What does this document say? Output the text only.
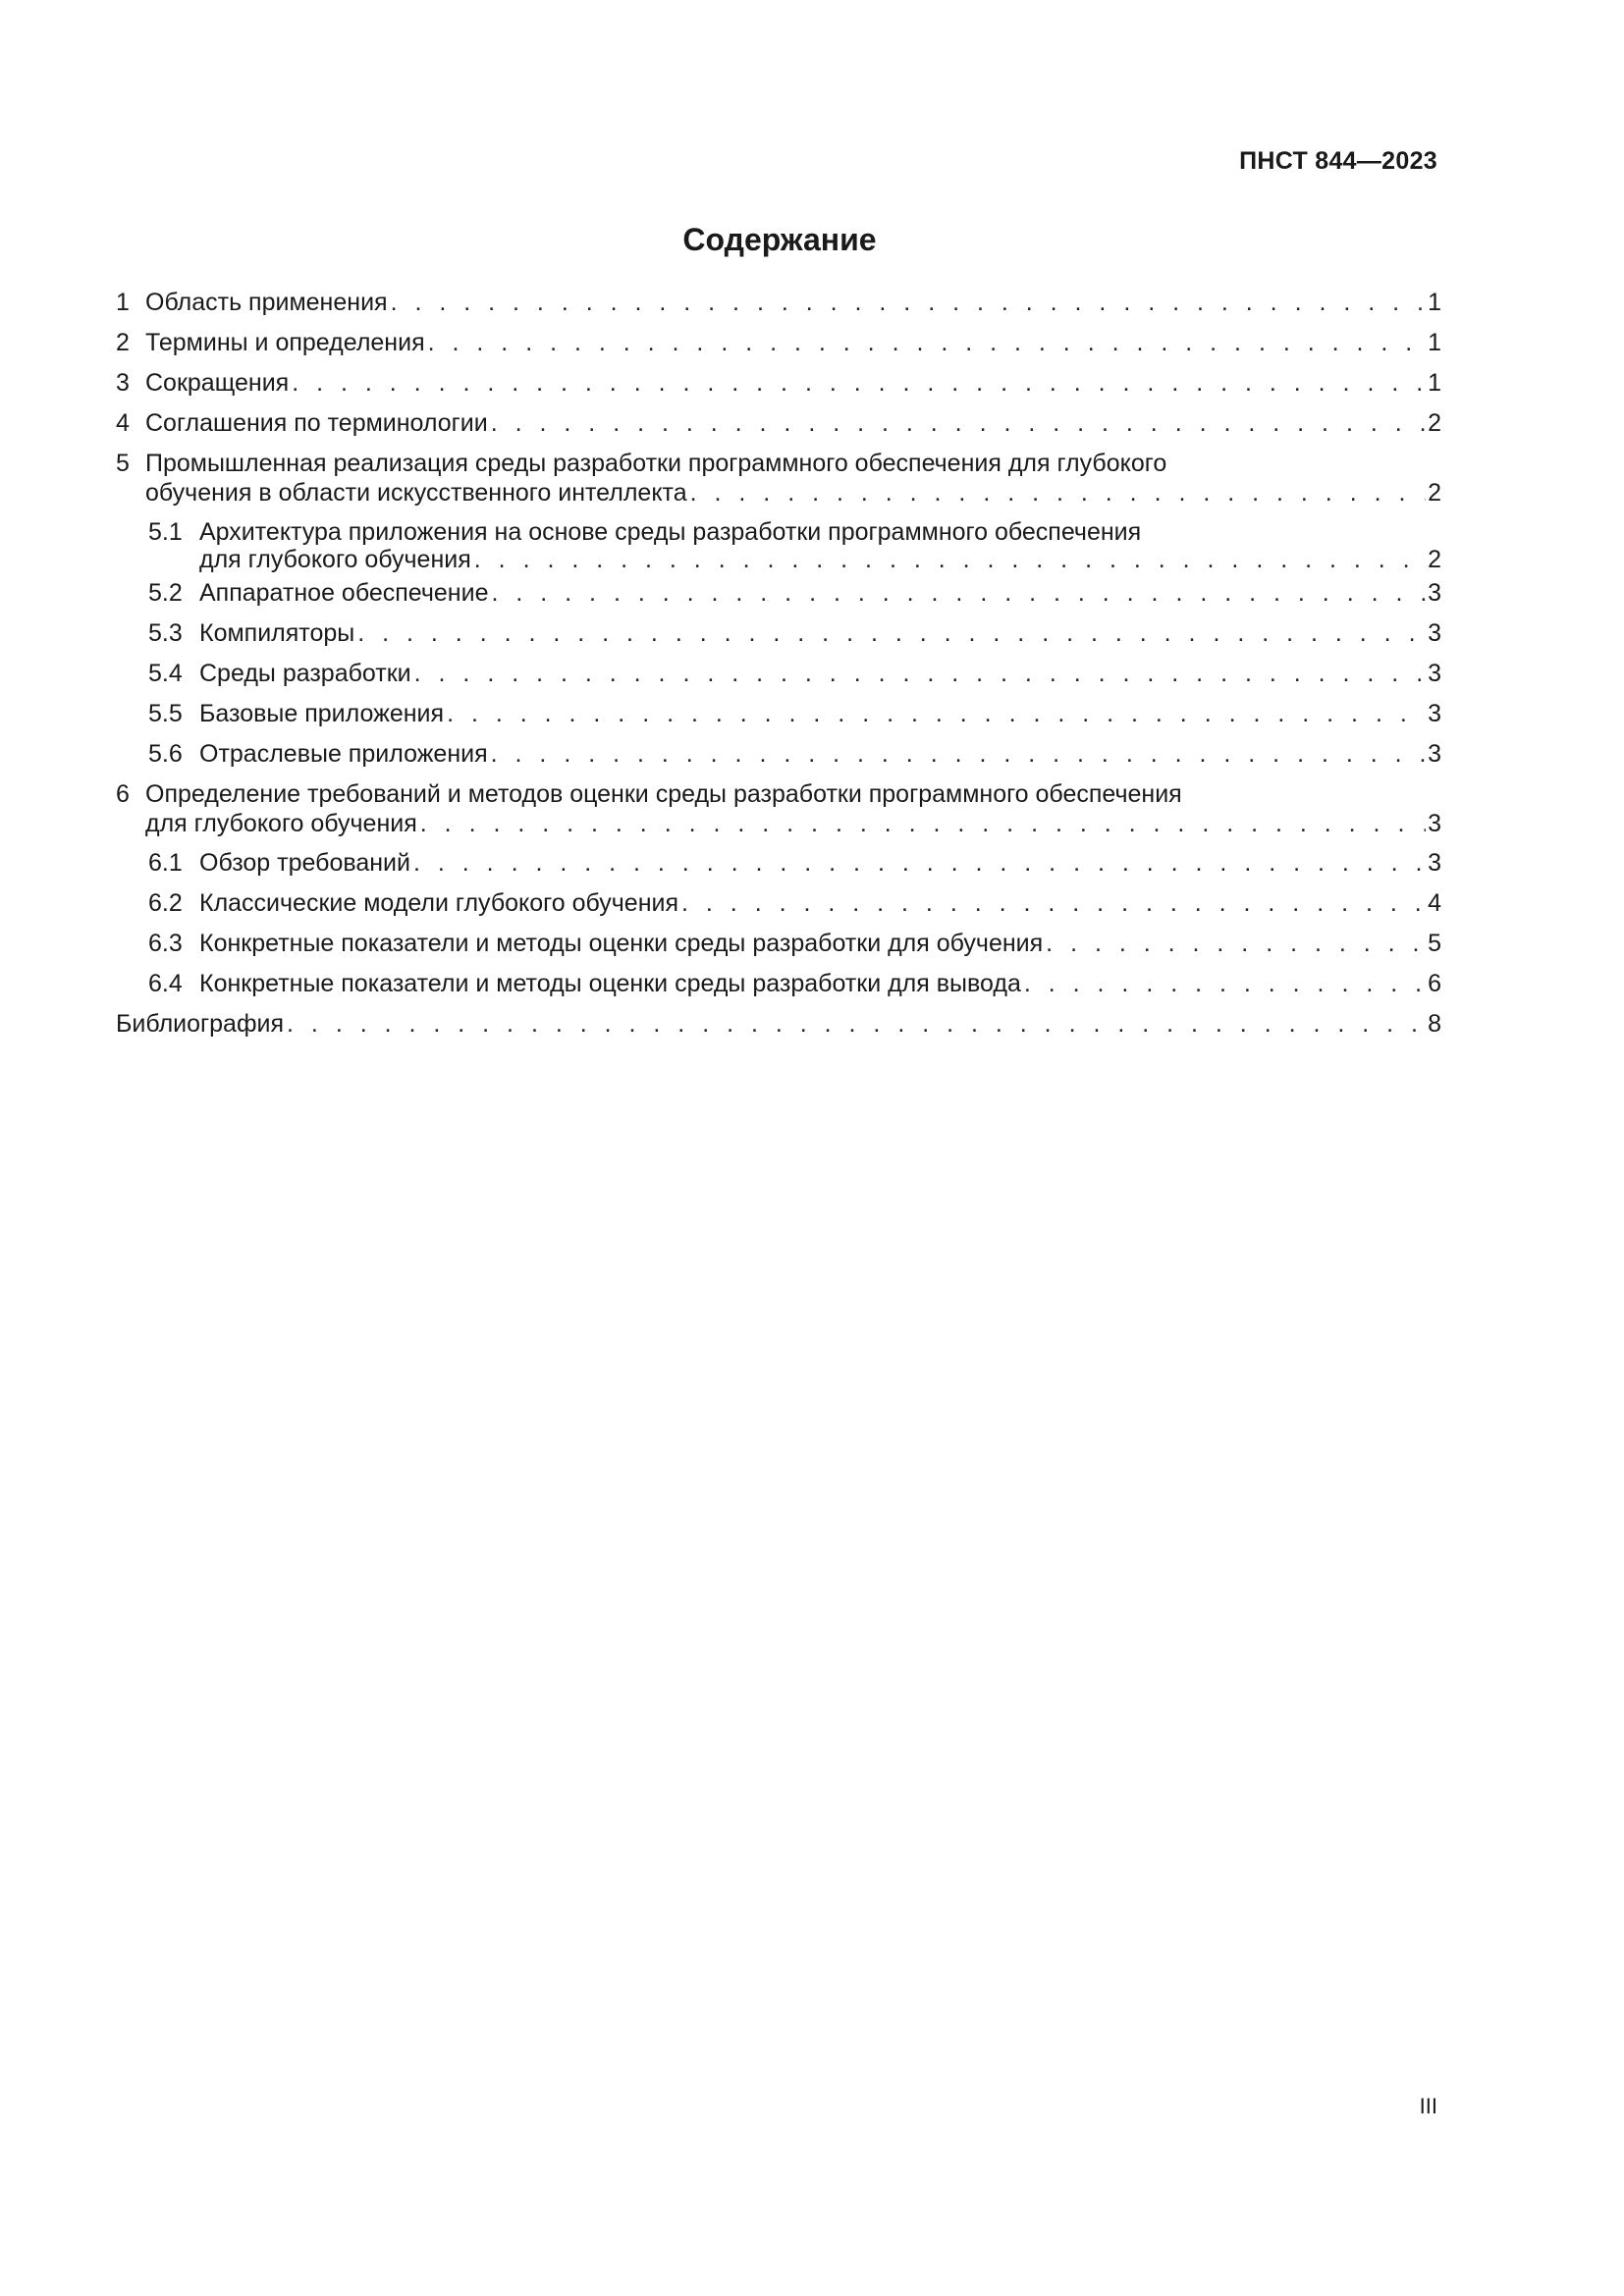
ПНСТ 844—2023
Содержание
1 Область применения . . .	1
2 Термины и определения . . .	1
3 Сокращения . . .	1
4 Соглашения по терминологии . . .	2
5 Промышленная реализация среды разработки программного обеспечения для глубокого
обучения в области искусственного интеллекта . . .	2
5.1 Архитектура приложения на основе среды разработки программного обеспечения
для глубокого обучения . . .	2
5.2 Аппаратное обеспечение . . .	3
5.3 Компиляторы . . .	3
5.4 Среды разработки . . .	3
5.5 Базовые приложения . . .	3
5.6 Отраслевые приложения . . .	3
6 Определение требований и методов оценки среды разработки программного обеспечения
для глубокого обучения . . .	3
6.1 Обзор требований . . .	3
6.2 Классические модели глубокого обучения . . .	4
6.3 Конкретные показатели и методы оценки среды разработки для обучения . . .	5
6.4 Конкретные показатели и методы оценки среды разработки для вывода . . .	6
Библиография . . .	8
III
